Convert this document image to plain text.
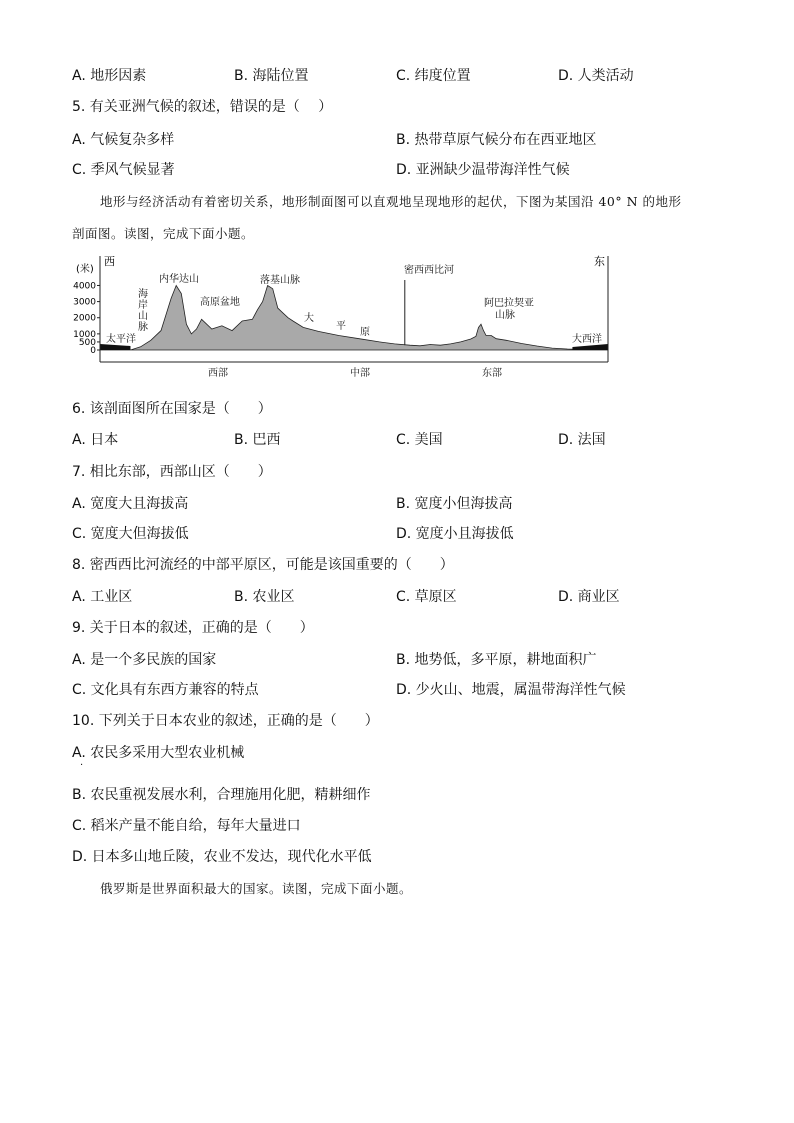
A. 地形因素	B. 海陆位置	C. 纬度位置	D. 人类活动
5. 有关亚洲气候的叙述，错误的是（　 ）
A. 气候复杂多样	B. 热带草原气候分布在西亚地区
C. 季风气候显著	D. 亚洲缺少温带海洋性气候
地形与经济活动有着密切关系，地形制面图可以直观地呈现地形的起伏，下图为某国沿 40° N 的地形
剖面图。读图，完成下面小题。
(米)
西	东
4000
3000
2000
1000
500
0
太平洋
海
岸
山
脉
内华达山
高原盆地
落基山脉
大
平
原
密西西比河
阿巴拉契亚
山脉
大西洋
西部	中部	东部
6. 该剖面图所在国家是（　　）
A. 日本	B. 巴西	C. 美国	D. 法国
7. 相比东部，西部山区（　　）
A. 宽度大且海拔高	B. 宽度小但海拔高
C. 宽度大但海拔低	D. 宽度小且海拔低
8. 密西西比河流经的中部平原区，可能是该国重要的（　　）
A. 工业区	B. 农业区	C. 草原区	D. 商业区
9. 关于日本的叙述，正确的是（　　）
A. 是一个多民族的国家	B. 地势低，多平原，耕地面积广
C. 文化具有东西方兼容的特点	D. 少火山、地震，属温带海洋性气候
10. 下列关于日本农业的叙述，正确的是（　　）
A. 农民多采用大型农业机械
·
B. 农民重视发展水利，合理施用化肥，精耕细作
C. 稻米产量不能自给，每年大量进口
D. 日本多山地丘陵，农业不发达，现代化水平低
俄罗斯是世界面积最大的国家。读图，完成下面小题。
